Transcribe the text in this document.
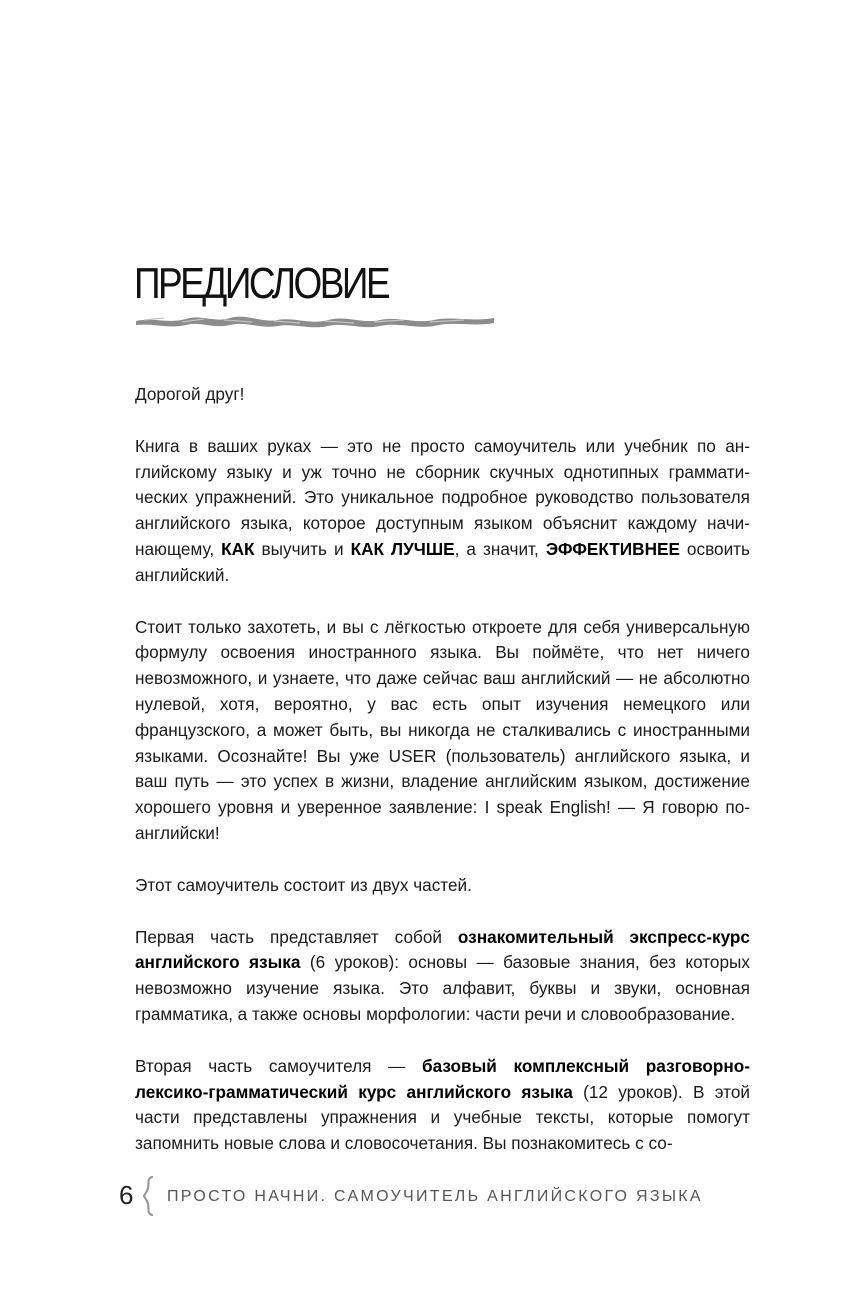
ПРЕДИСЛОВИЕ

Дорогой друг!

Книга в ваших руках — это не просто самоучитель или учебник по английскому языку и уж точно не сборник скучных однотипных грамматических упражнений. Это уникальное подробное руководство пользователя английского языка, которое доступным языком объяснит каждому начинающему, КАК выучить и КАК ЛУЧШЕ, а значит, ЭФФЕКТИВНЕЕ освоить английский.

Стоит только захотеть, и вы с лёгкостью откроете для себя универсальную формулу освоения иностранного языка. Вы поймёте, что нет ничего невозможного, и узнаете, что даже сейчас ваш английский — не абсолютно нулевой, хотя, вероятно, у вас есть опыт изучения немецкого или французского, а может быть, вы никогда не сталкивались с иностранными языками. Осознайте! Вы уже USER (пользователь) английского языка, и ваш путь — это успех в жизни, владение английским языком, достижение хорошего уровня и уверенное заявление: I speak English! — Я говорю по-английски!

Этот самоучитель состоит из двух частей.

Первая часть представляет собой ознакомительный экспресс-курс английского языка (6 уроков): основы — базовые знания, без которых невозможно изучение языка. Это алфавит, буквы и звуки, основная грамматика, а также основы морфологии: части речи и словообразование.

Вторая часть самоучителя — базовый комплексный разговорно-лексико-грамматический курс английского языка (12 уроков). В этой части представлены упражнения и учебные тексты, которые помогут запомнить новые слова и словосочетания. Вы познакомитесь с со-

6 ПРОСТО НАЧНИ. САМОУЧИТЕЛЬ АНГЛИЙСКОГО ЯЗЫКА
